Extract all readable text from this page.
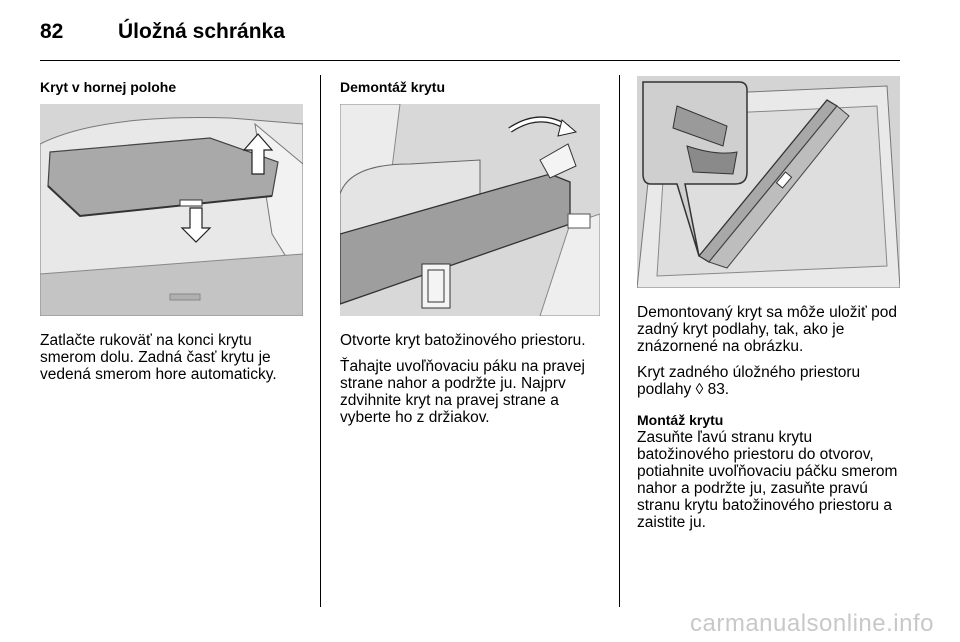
82	Úložná schránka
Kryt v hornej polohe

Zatlačte rukoväť na konci krytu smerom dolu. Zadná časť krytu je vedená smerom hore automaticky.

Demontáž krytu

Otvorte kryt batožinového priestoru.

Ťahajte uvoľňovaciu páku na pravej strane nahor a podržte ju. Najprv zdvihnite kryt na pravej strane a vyberte ho z držiakov.

Demontovaný kryt sa môže uložiť pod zadný kryt podlahy, tak, ako je znázornené na obrázku.

Kryt zadného úložného priestoru podlahy ◊ 83.

Montáž krytu

Zasuňte ľavú stranu krytu batožinového priestoru do otvorov, potiahnite uvoľňovaciu páčku smerom nahor a podržte ju, zasuňte pravú stranu krytu batožinového priestoru a zaistite ju.

carmanualsonline.info
